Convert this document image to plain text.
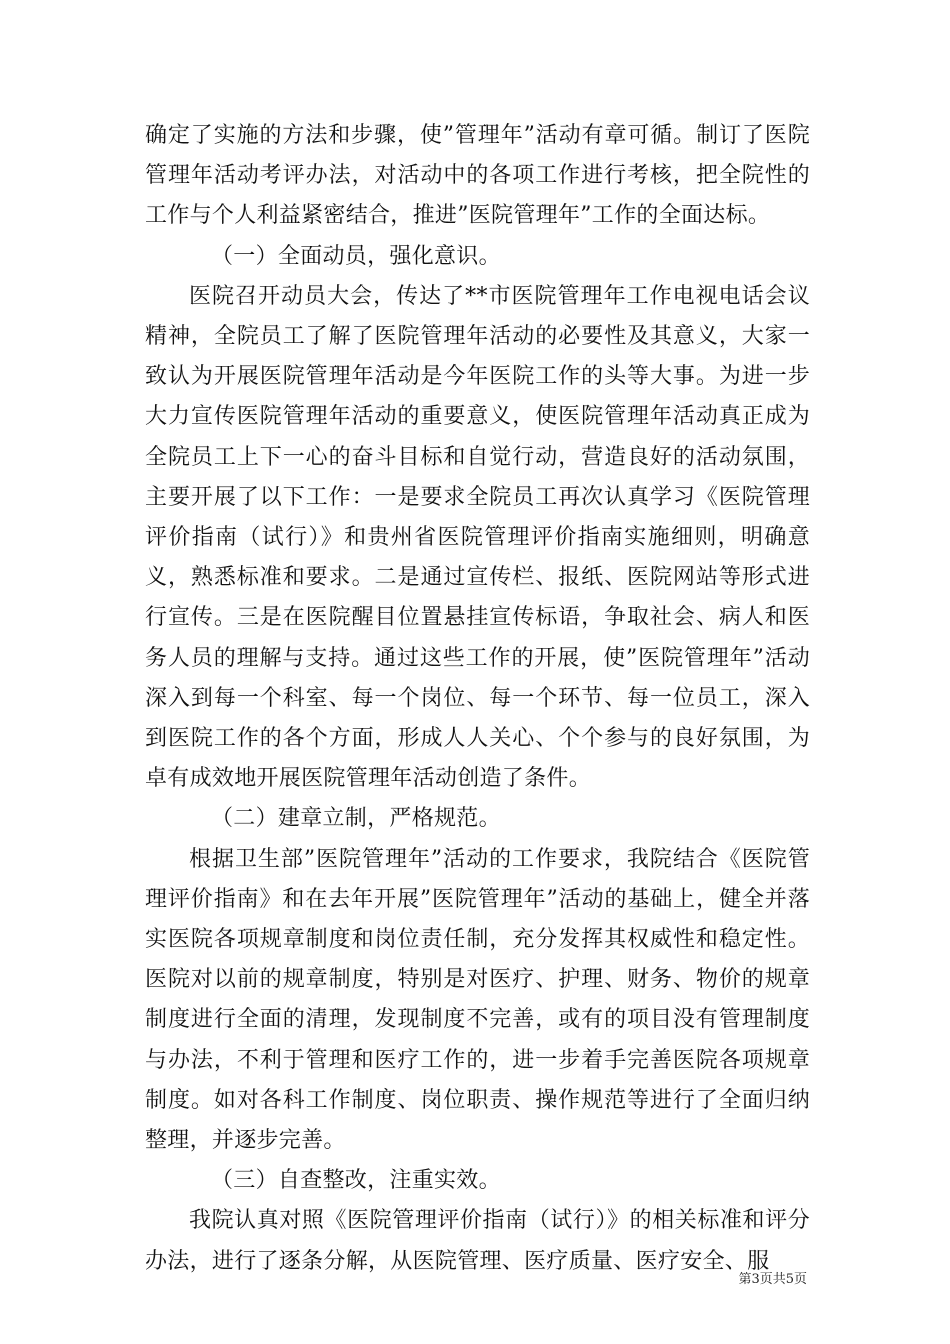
确定了实施的方法和步骤，使”管理年”活动有章可循。制订了医院管理年活动考评办法，对活动中的各项工作进行考核，把全院性的工作与个人利益紧密结合，推进”医院管理年”工作的全面达标。

（一）全面动员，强化意识。

医院召开动员大会，传达了**市医院管理年工作电视电话会议精神，全院员工了解了医院管理年活动的必要性及其意义，大家一致认为开展医院管理年活动是今年医院工作的头等大事。为进一步大力宣传医院管理年活动的重要意义，使医院管理年活动真正成为全院员工上下一心的奋斗目标和自觉行动，营造良好的活动氛围，主要开展了以下工作：一是要求全院员工再次认真学习《医院管理评价指南（试行）》和贵州省医院管理评价指南实施细则，明确意义，熟悉标准和要求。二是通过宣传栏、报纸、医院网站等形式进行宣传。三是在医院醒目位置悬挂宣传标语，争取社会、病人和医务人员的理解与支持。通过这些工作的开展，使”医院管理年”活动深入到每一个科室、每一个岗位、每一个环节、每一位员工，深入到医院工作的各个方面，形成人人关心、个个参与的良好氛围，为卓有成效地开展医院管理年活动创造了条件。

（二）建章立制，严格规范。

根据卫生部”医院管理年”活动的工作要求，我院结合《医院管理评价指南》和在去年开展”医院管理年”活动的基础上，健全并落实医院各项规章制度和岗位责任制，充分发挥其权威性和稳定性。医院对以前的规章制度，特别是对医疗、护理、财务、物价的规章制度进行全面的清理，发现制度不完善，或有的项目没有管理制度与办法，不利于管理和医疗工作的，进一步着手完善医院各项规章制度。如对各科工作制度、岗位职责、操作规范等进行了全面归纳整理，并逐步完善。

（三）自查整改，注重实效。

我院认真对照《医院管理评价指南（试行）》的相关标准和评分办法，进行了逐条分解，从医院管理、医疗质量、医疗安全、服

第3页共5页
